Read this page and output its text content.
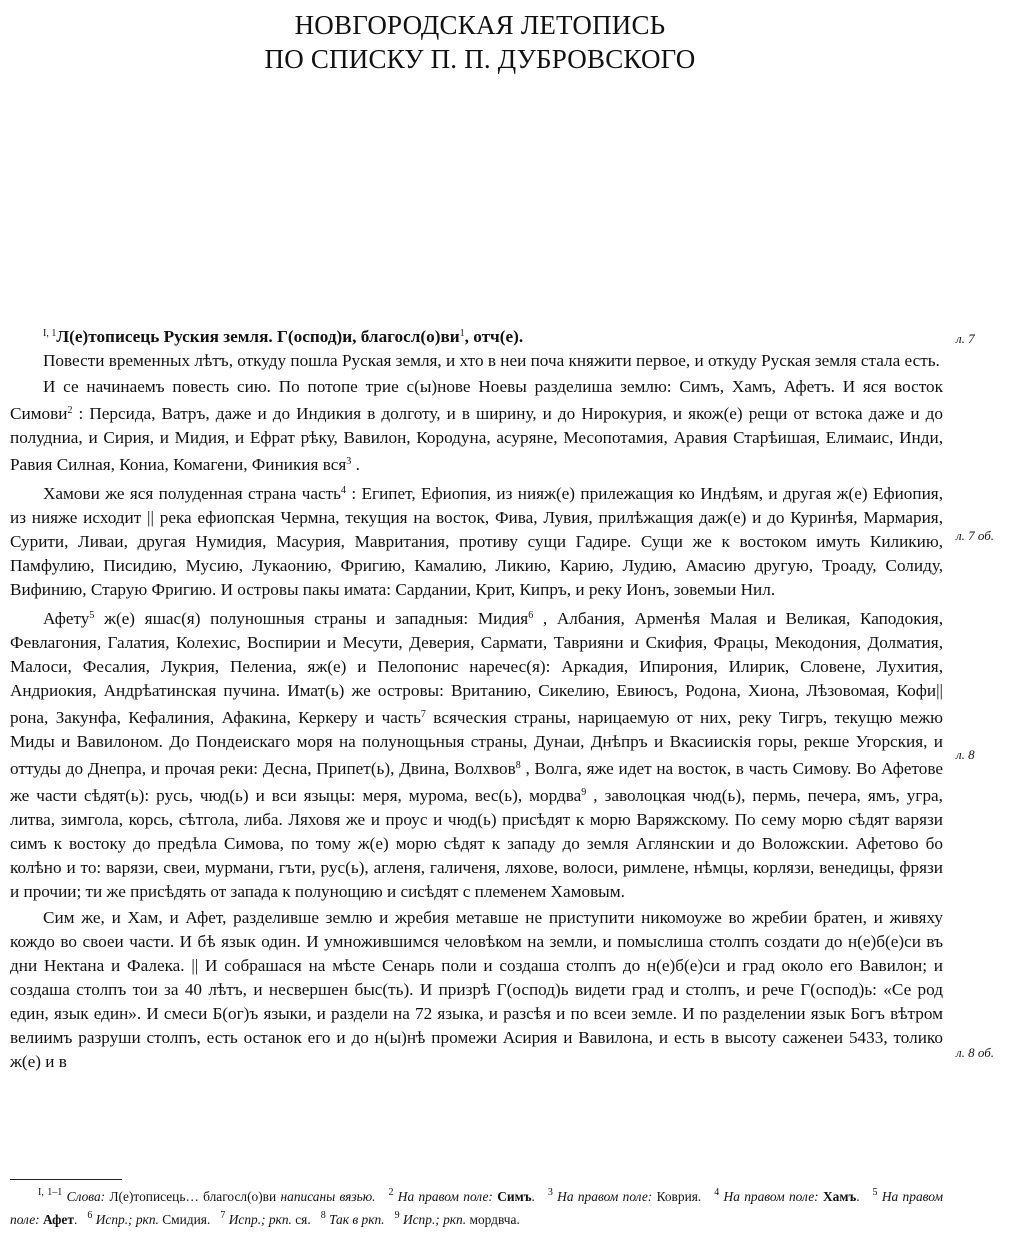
НОВГОРОДСКАЯ ЛЕТОПИСЬ
ПО СПИСКУ П. П. ДУБРОВСКОГО

$^{I, 1}$Л(е)тописець Руския земля. Г(оспод)и, $благосл(о)ви^1$, отч(е).

Повести временных лѣтъ, откуду пошла Руская земля, и хто в неи поча княжити первое, и откуду Руская земля стала есть.

И се начинаемъ повесть сию. По потопе трие с(ы)нове Ноевы разделиша землю: Симъ, Хамъ, Афетъ. И яся восток Симови$^2$ : Персида, Ватръ, даже и до Индикия в долготу, и в ширину, и до Нирокурия, и якож(е) рещи от встока даже и до полудниа, и Сирия, и Мидия, и Ефрат рѣку, Вавилон, Кородуна, асуряне, Месопотамия, Аравия Старѣишая, Елимаис, Инди, Равия Силная, Кониа, Комагени, Финикия вся$^3$ .

Хамови же яся полуденная страна часть$^4$ : Египет, Ефиопия, из нияж(е) прилежащия ко Индѣям, и другая ж(е) Ефиопия, из нияже исходит || река ефиопская Чермна, текущия на восток, Фива, Лувия, прилѣжащия даж(е) и до Куринѣя, Мармария, Сурити, Ливаи, другая Нумидия, Масурия, Мавритания, противу сущи Гадире. Сущи же к востоком имуть Киликию, Памфулию, Писидию, Мусию, Лукаонию, Фригию, Камалию, Ликию, Карию, Лудию, Амасию другую, Троаду, Солиду, Вифинию, Старую Фригию. И островы пакы имата: Сардании, Крит, Кипръ, и реку Ионъ, зовемыи Нил.

Афету$^5$ ж(е) яшас(я) полуношныя страны и западныя: Мидия$^6$ , Албания, Арменѣя Малая и Великая, Каподокия, Февлагония, Галатия, Колехис, Воспирии и Месути, Деверия, Сармати, Таврияни и Скифия, Фрацы, Мекодония, Долматия, Малоси, Фесалия, Лукрия, Пелениа, яж(е) и Пелопонис наречес(я): Аркадия, Ипирония, Илирик, Словене, Лухития, Андриокия, Андрѣатинская пучина. Имат(ь) же островы: Вританию, Сикелию, Евиюсъ, Родона, Хиона, Лѣзовомая, Кофи||рона, Закунфа, Кефалиния, Афакина, Керкеру и часть$^7$ всяческия страны, нарицаемую от них, реку Тигръ, текущю межю Миды и Вавилоном. До Пондеискаго моря на полунощьныя страны, Дунаи, Днѣпръ и Вкасиискія горы, рекше Угорския, и оттуды до Днепра, и прочая реки: Десна, Припет(ь), Двина, Волхвов$^8$ , Волга, яже идет на восток, в часть Симову. Во Афетове же части сѣдят(ь): русь, чюд(ь) и вси языцы: меря, мурома, вес(ь), мордва$^9$ , заволоцкая чюд(ь), пермь, печера, ямъ, угра, литва, зимгола, корсь, сѣтгола, либа. Ляховя же и проус и чюд(ь) присѣдят к морю Варяжскому. По сему морю сѣдят варязи симъ к востоку до предѣла Симова, по тому ж(е) морю сѣдят к западу до земля Аглянскии и до Воложскии. Афетово бо колѣно и то: варязи, свеи, мурмани, гъти, рус(ь), агленя, галиченя, ляхове, волоси, римлене, нѣмцы, корлязи, венедицы, фрязи и прочии; ти же присѣдять от запада к полунощию и сисѣдят с племенем Хамовым.

Сим же, и Хам, и Афет, разделивше землю и жребия метавше не приступити никомоуже во жребии братен, и живяху кождо во своеи части. И бѣ язык один. И умножившимся человѣком на земли, и помыслиша столпъ создати до н(е)б(е)си въ дни Нектана и Фалека. || И собрашася на мѣсте Сенарь поли и создаша столпъ до н(е)б(е)си и град около его Вавилон; и создаша столпъ тои за 40 лѣтъ, и несвершен быс(ть). И призрѣ Г(оспод)ь видети град и столпъ, и рече Г(оспод)ь: «Се род един, язык един». И смеси Б(ог)ъ языки, и раздели на 72 языка, и разсѣя и по всеи земле. И по разделении язык Богъ вѣтром велиимъ разруши столпъ, есть останок его и до н(ы)нѣ промежи Асирия и Вавилона, и есть в высоту саженеи 5433, толико ж(е) и в

л. 7
л. 7 об.
л. 8
л. 8 об.
$^{I, 1-1}$ Слова: Л(е)тописець… благосл(о)ви написаны вязью. $^2$ На правом поле: Симъ.   $^3$ На правом поле: Коврия. $^4$ На правом поле: Хамъ.   $^5$ На правом поле: Афет.   $^6$ Испр.; ркп. Смидия. $^7$ Испр.; ркп. ся. $^8$ Так в ркп. $^9$ Испр.; ркп. мордвча.
